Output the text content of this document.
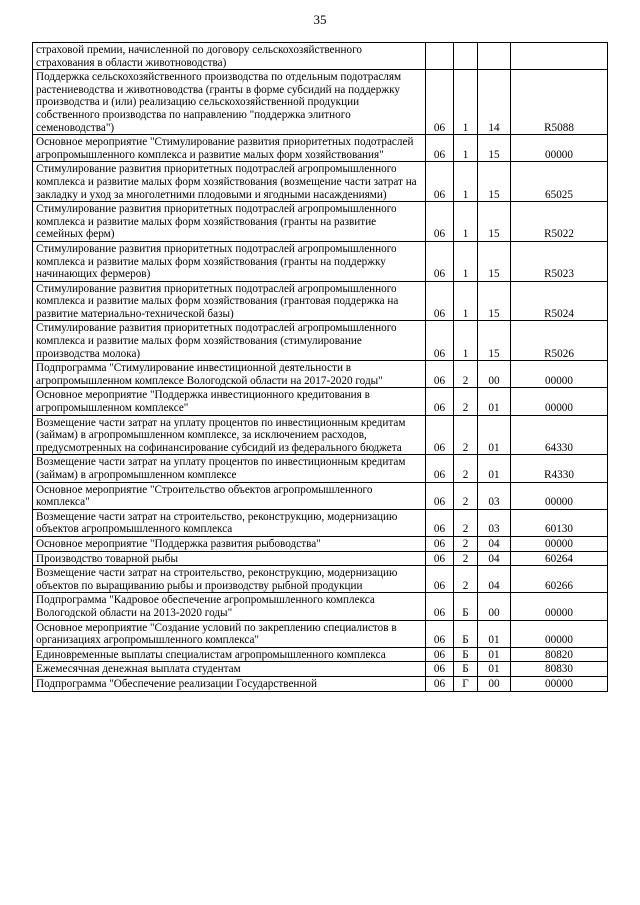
35
страховой премии, начисленной по договору сельскохозяйственного страхования в области животноводства)				
Поддержка сельскохозяйственного производства по отдельным подотраслям растениеводства и животноводства (гранты в форме субсидий на поддержку производства и (или) реализацию сельскохозяйственной продукции собственного производства по направлению "поддержка элитного семеноводства")	06	1	14	R5088
Основное мероприятие "Стимулирование развития приоритетных подотраслей агропромышленного комплекса и развитие малых форм хозяйствования"	06	1	15	00000
Стимулирование развития приоритетных подотраслей агропромышленного комплекса и развитие малых форм хозяйствования (возмещение части затрат на закладку и уход за многолетними плодовыми и ягодными насаждениями)	06	1	15	65025
Стимулирование развития приоритетных подотраслей агропромышленного комплекса и развитие малых форм хозяйствования (гранты на развитие семейных ферм)	06	1	15	R5022
Стимулирование развития приоритетных подотраслей агропромышленного комплекса и развитие малых форм хозяйствования (гранты на поддержку начинающих фермеров)	06	1	15	R5023
Стимулирование развития приоритетных подотраслей агропромышленного комплекса и развитие малых форм хозяйствования (грантовая поддержка на развитие материально-технической базы)	06	1	15	R5024
Стимулирование развития приоритетных подотраслей агропромышленного комплекса и развитие малых форм хозяйствования (стимулирование производства молока)	06	1	15	R5026
Подпрограмма "Стимулирование инвестиционной деятельности в агропромышленном комплексе Вологодской области на 2017-2020 годы"	06	2	00	00000
Основное мероприятие "Поддержка инвестиционного кредитования в агропромышленном комплексе"	06	2	01	00000
Возмещение части затрат на уплату процентов по инвестиционным кредитам (займам) в агропромышленном комплексе, за исключением расходов, предусмотренных на софинансирование субсидий из федерального бюджета	06	2	01	64330
Возмещение части затрат на уплату процентов по инвестиционным кредитам (займам) в агропромышленном комплексе	06	2	01	R4330
Основное мероприятие "Строительство объектов агропромышленного комплекса"	06	2	03	00000
Возмещение части затрат на строительство, реконструкцию, модернизацию объектов агропромышленного комплекса	06	2	03	60130
Основное мероприятие "Поддержка развития рыбоводства"	06	2	04	00000
Производство товарной рыбы	06	2	04	60264
Возмещение части затрат на строительство, реконструкцию, модернизацию объектов по выращиванию рыбы и производству рыбной продукции	06	2	04	60266
Подпрограмма "Кадровое обеспечение агропромышленного комплекса Вологодской области на 2013-2020 годы"	06	Б	00	00000
Основное мероприятие "Создание условий по закреплению специалистов в организациях агропромышленного комплекса"	06	Б	01	00000
Единовременные выплаты специалистам агропромышленного комплекса	06	Б	01	80820
Ежемесячная денежная выплата студентам	06	Б	01	80830
Подпрограмма "Обеспечение реализации Государственной	06	Г	00	00000
